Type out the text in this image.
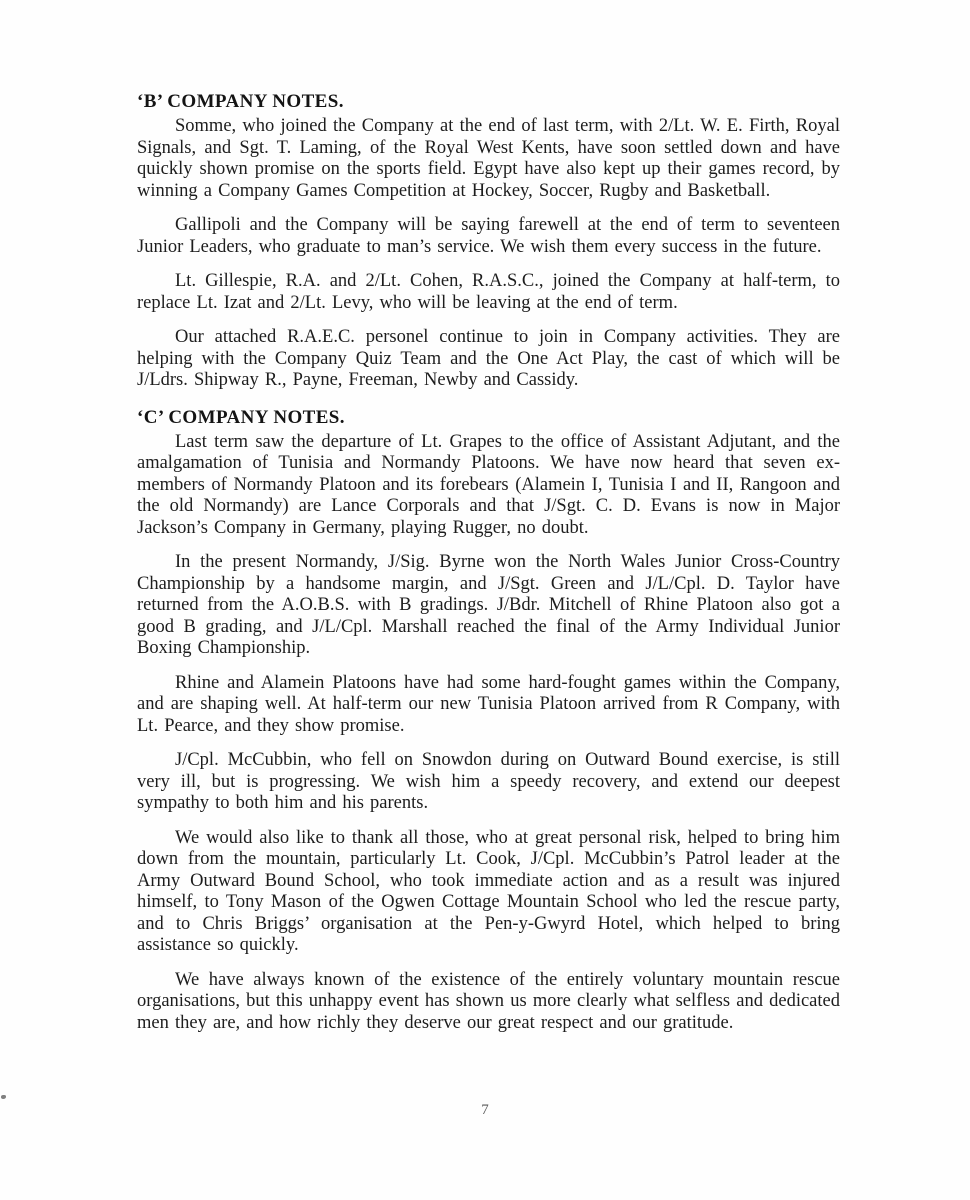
‘B’ COMPANY NOTES.

Somme, who joined the Company at the end of last term, with 2/Lt. W. E. Firth, Royal Signals, and Sgt. T. Laming, of the Royal West Kents, have soon settled down and have quickly shown promise on the sports field. Egypt have also kept up their games record, by winning a Company Games Competition at Hockey, Soccer, Rugby and Basketball.

Gallipoli and the Company will be saying farewell at the end of term to seventeen Junior Leaders, who graduate to man’s service. We wish them every success in the future.

Lt. Gillespie, R.A. and 2/Lt. Cohen, R.A.S.C., joined the Company at half-term, to replace Lt. Izat and 2/Lt. Levy, who will be leaving at the end of term.

Our attached R.A.E.C. personel continue to join in Company activities. They are helping with the Company Quiz Team and the One Act Play, the cast of which will be J/Ldrs. Shipway R., Payne, Freeman, Newby and Cassidy.

‘C’ COMPANY NOTES.

Last term saw the departure of Lt. Grapes to the office of Assistant Adjutant, and the amalgamation of Tunisia and Normandy Platoons. We have now heard that seven ex-members of Normandy Platoon and its forebears (Alamein I, Tunisia I and II, Rangoon and the old Normandy) are Lance Corporals and that J/Sgt. C. D. Evans is now in Major Jackson’s Company in Germany, playing Rugger, no doubt.

In the present Normandy, J/Sig. Byrne won the North Wales Junior Cross-Country Championship by a handsome margin, and J/Sgt. Green and J/L/Cpl. D. Taylor have returned from the A.O.B.S. with B gradings. J/Bdr. Mitchell of Rhine Platoon also got a good B grading, and J/L/Cpl. Marshall reached the final of the Army Individual Junior Boxing Championship.

Rhine and Alamein Platoons have had some hard-fought games within the Company, and are shaping well. At half-term our new Tunisia Platoon arrived from R Company, with Lt. Pearce, and they show promise.

J/Cpl. McCubbin, who fell on Snowdon during on Outward Bound exercise, is still very ill, but is progressing. We wish him a speedy recovery, and extend our deepest sympathy to both him and his parents.

We would also like to thank all those, who at great personal risk, helped to bring him down from the mountain, particularly Lt. Cook, J/Cpl. McCubbin’s Patrol leader at the Army Outward Bound School, who took immediate action and as a result was injured himself, to Tony Mason of the Ogwen Cottage Mountain School who led the rescue party, and to Chris Briggs’ organisation at the Pen-y-Gwyrd Hotel, which helped to bring assistance so quickly.

We have always known of the existence of the entirely voluntary mountain rescue organisations, but this unhappy event has shown us more clearly what selfless and dedicated men they are, and how richly they deserve our great respect and our gratitude.

7
